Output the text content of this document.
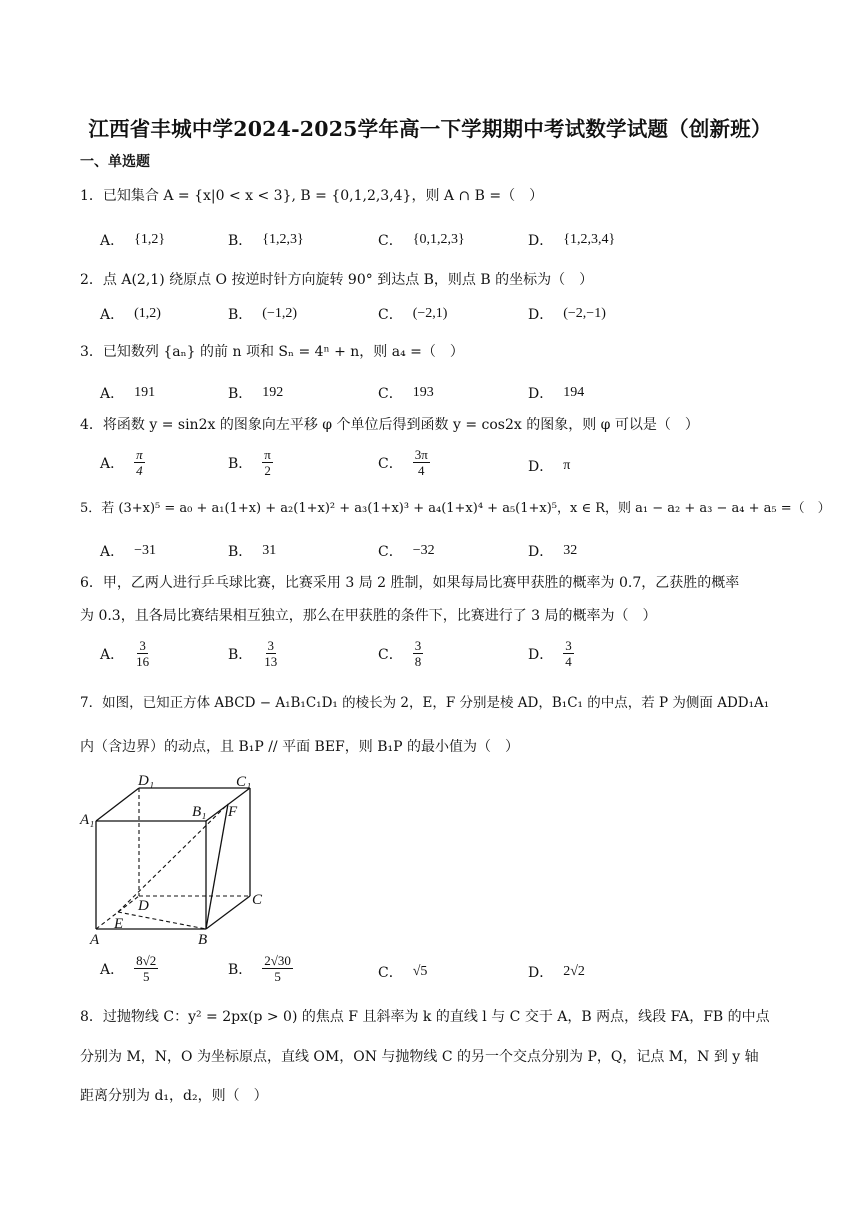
江西省丰城中学2024-2025学年高一下学期期中考试数学试题（创新班）
一、单选题
1．已知集合 A = {x|0 < x < 3}, B = {0,1,2,3,4}，则 A ∩ B =（　）
A． {1,2}	B． {1,2,3}	C． {0,1,2,3}	D． {1,2,3,4}
2．点 A(2,1) 绕原点 O 按逆时针方向旋转 90° 到达点 B，则点 B 的坐标为（　）
A． (1,2)	B． (−1,2)	C． (−2,1)	D． (−2,−1)
3．已知数列 {aₙ} 的前 n 项和 Sₙ = 4ⁿ + n，则 a₄ =（　）
A． 191	B． 192	C． 193	D． 194
4．将函数 y = sin2x 的图象向左平移 φ 个单位后得到函数 y = cos2x 的图象，则 φ 可以是（　）
A． $\frac{\pi}{4}$	B． $\frac{\pi}{2}$	C． $\frac{3\pi}{4}$	D． π
5．若 (3+x)⁵ = a₀ + a₁(1+x) + a₂(1+x)² + a₃(1+x)³ + a₄(1+x)⁴ + a₅(1+x)⁵，x ∈ R，则 a₁ − a₂ + a₃ − a₄ + a₅ =（　）
A． −31	B． 31	C． −32	D． 32
6．甲，乙两人进行乒乓球比赛，比赛采用 3 局 2 胜制，如果每局比赛甲获胜的概率为 0.7，乙获胜的概率
为 0.3，且各局比赛结果相互独立，那么在甲获胜的条件下，比赛进行了 3 局的概率为（　）
A． $\frac{3}{16}$	B． $\frac{3}{13}$	C． $\frac{3}{8}$	D． $\frac{3}{4}$
7．如图，已知正方体 ABCD − A₁B₁C₁D₁ 的棱长为 2，E，F 分别是棱 AD，B₁C₁ 的中点，若 P 为侧面 ADD₁A₁
内（含边界）的动点，且 B₁P // 平面 BEF，则 B₁P 的最小值为（　）
D₁	C₁
A₁	B₁ F
D	C
E
A	B
A． $\frac{8√2}{5}$	B． $\frac{2√30}{5}$	C． √5	D． 2√2
8．过抛物线 C：y² = 2px(p > 0) 的焦点 F 且斜率为 k 的直线 l 与 C 交于 A，B 两点，线段 FA，FB 的中点
分别为 M，N，O 为坐标原点，直线 OM，ON 与抛物线 C 的另一个交点分别为 P，Q，记点 M，N 到 y 轴
距离分别为 d₁，d₂，则（　）
